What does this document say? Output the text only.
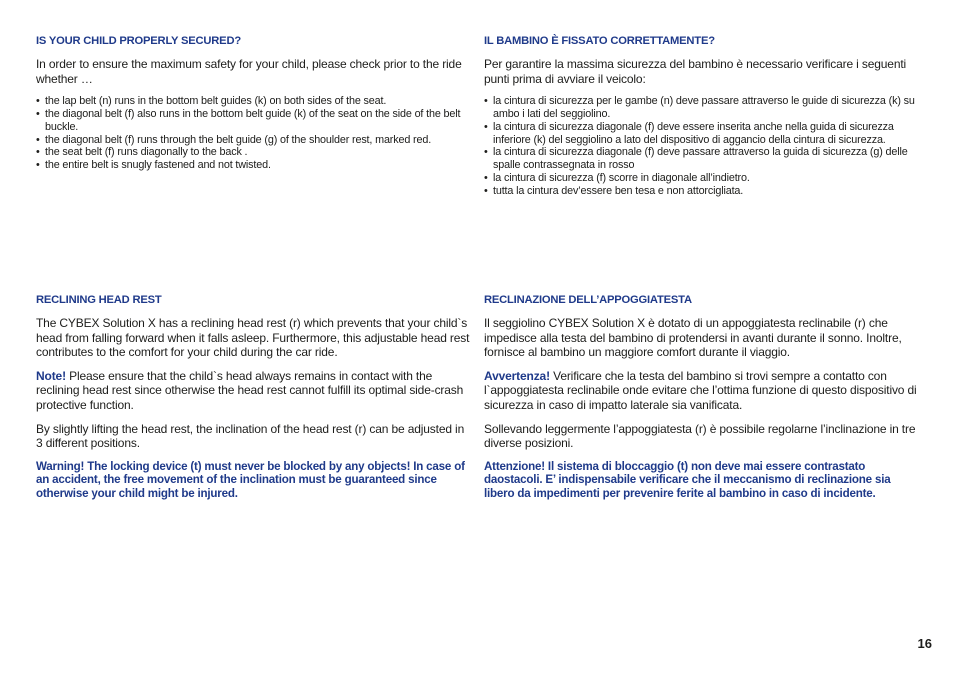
IS YOUR CHILD PROPERLY SECURED?

In order to ensure the maximum safety for your child, please check prior to the ride whether …

• the lap belt (n) runs in the bottom belt guides (k) on both sides of the seat.
• the diagonal belt (f) also runs in the bottom belt guide (k) of the seat on the side of the belt buckle.
• the diagonal belt (f) runs through the belt guide (g) of the shoulder rest, marked red.
• the seat belt (f) runs diagonally to the back .
• the entire belt is snugly fastened and not twisted.
IL BAMBINO È FISSATO CORRETTAMENTE?

Per garantire la massima sicurezza del bambino è necessario verificare i seguenti punti prima di avviare il veicolo:

• la cintura di sicurezza per le gambe (n) deve passare attraverso le guide di sicurezza (k) su ambo i lati del seggiolino.
• la cintura di sicurezza diagonale (f) deve essere inserita anche nella guida di sicurezza inferiore (k) del seggiolino a lato del dispositivo di aggancio della cintura di sicurezza.
• la cintura di sicurezza diagonale (f) deve passare attraverso la guida di sicurezza (g) delle spalle contrassegnata in rosso
• la cintura di sicurezza (f) scorre in diagonale all’indietro.
• tutta la cintura dev’essere ben tesa e non attorcigliata.
RECLINING HEAD REST

The CYBEX Solution X has a reclining head rest (r) which prevents that your child`s head from falling forward when it falls asleep. Furthermore, this adjustable head rest contributes to the comfort for your child during the car ride.

Note! Please ensure that the child`s head always remains in contact with the reclining head rest since otherwise the head rest cannot fulfill its optimal side-crash protective function.

By slightly lifting the head rest, the inclination of the head rest (r) can be adjusted in 3 different positions.

Warning! The locking device (t) must never be blocked by any objects! In case of an accident, the free movement of the inclination must be guaranteed since otherwise your child might be injured.

RECLINAZIONE DELL’APPOGGIATESTA

Il seggiolino CYBEX Solution X è dotato di un appoggiatesta reclinabile (r) che impedisce alla testa del bambino di protendersi in avanti durante il sonno. Inoltre, fornisce al bambino un maggiore comfort durante il viaggio.

Avvertenza! Verificare che la testa del bambino si trovi sempre a contatto con l`appoggiatesta reclinabile onde evitare che l’ottima funzione di questo dispositivo di sicurezza in caso di impatto laterale sia vanificata.

Sollevando leggermente l’appoggiatesta (r) è possibile regolarne l’inclinazione in tre diverse posizioni.

Attenzione! Il sistema di bloccaggio (t) non deve mai essere contrastato daostacoli. E’ indispensabile verificare che il meccanismo di reclinazione sia libero da impedimenti per prevenire ferite al bambino in caso di incidente.

16
